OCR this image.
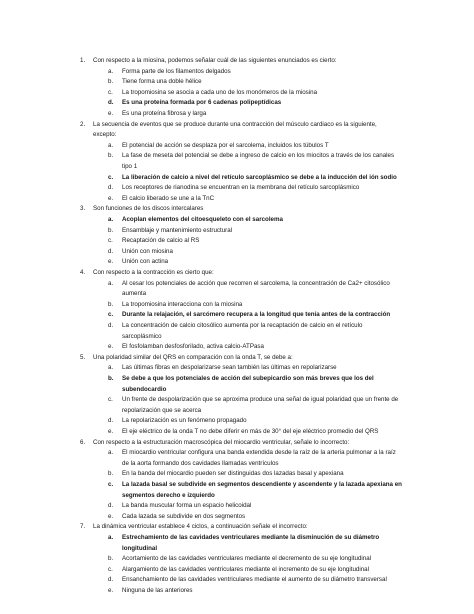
1. Con respecto a la miosina, podemos señalar cuál de las siguientes enunciados es cierto:
a.	Forma parte de los filamentos delgados
b.	Tiene forma una doble hélice
c.	La tropomiosina se asocia a cada uno de los monómeros de la miosina
d.	Es una proteína formada por 6 cadenas polipeptídicas
e.	Es una proteína fibrosa y larga
2. La secuencia de eventos que se produce durante una contracción del músculo cardiaco es la siguiente,
excepto:
a.	El potencial de acción se desplaza por el sarcolema, incluidos los túbulos T
b.	La fase de meseta del potencial se debe a ingreso de calcio en los miocitos a través de los canales
tipo 1
c.	La liberación de calcio a nivel del retículo sarcoplásmico se debe a la inducción del ión sodio
d.	Los receptores de rianodina se encuentran en la membrana del retículo sarcoplásmico
e.	El calcio liberado se une a la TnC
3. Son funciones de los discos intercalares
a.	Acoplan elementos del citoesqueleto con el sarcolema
b.	Ensamblaje y mantenimiento estructural
c.	Recaptación de calcio al RS
d.	Unión con miosina
e.	Unión con actina
4. Con respecto a la contracción es cierto que:
a.	Al cesar los potenciales de acción que recorren el sarcolema, la concentración de Ca2+ citosólico
aumenta
b.	La tropomiosina interacciona con la miosina
c.	Durante la relajación, el sarcómero recupera a la longitud que tenía antes de la contracción
d.	La concentración de calcio citosólico aumenta por la recaptación de calcio en el retículo
sarcoplásmico
e.	El fosfolamban desfosforilado, activa calcio-ATPasa
5. Una polaridad similar del QRS en comparación con la onda T, se debe a:
a.	Las últimas fibras en despolarizarse sean también las últimas en repolarizarse
b.	Se debe a que los potenciales de acción del subepicardio son más breves que los del
subendocardio
c.	Un frente de despolarización que se aproxima produce una señal de igual polaridad que un frente de
repolarización que se acerca
d.	La repolarización es un fenómeno propagado
e.	El eje eléctrico de la onda T no debe diferir en más de 30° del eje eléctrico promedio del QRS
6. Con respecto a la estructuración macroscópica del miocardio ventricular, señale lo incorrecto:
a.	El miocardio ventricular configura una banda extendida desde la raíz de la arteria pulmonar a la raíz
de la aorta formando dos cavidades llamadas ventrículos
b.	En la banda del miocardio pueden ser distinguidas dos lazadas basal y apexiana
c.	La lazada basal se subdivide en segmentos descendiente y ascendente y la lazada apexiana en
segmentos derecho e izquierdo
d.	La banda muscular forma un espacio helicoidal
e.	Cada lazada se subdivide en dos segmentos
7. La dinámica ventricular establece 4 ciclos, a continuación señale el incorrecto:
a.	Estrechamiento de las cavidades ventriculares mediante la disminución de su diámetro
longitudinal
b.	Acortamiento de las cavidades ventriculares mediante el decremento de su eje longitudinal
c.	Alargamiento de las cavidades ventriculares mediante el incremento de su eje longitudinal
d.	Ensanchamiento de las cavidades ventriculares mediante el aumento de su diámetro transversal
e.	Ninguna de las anteriores
